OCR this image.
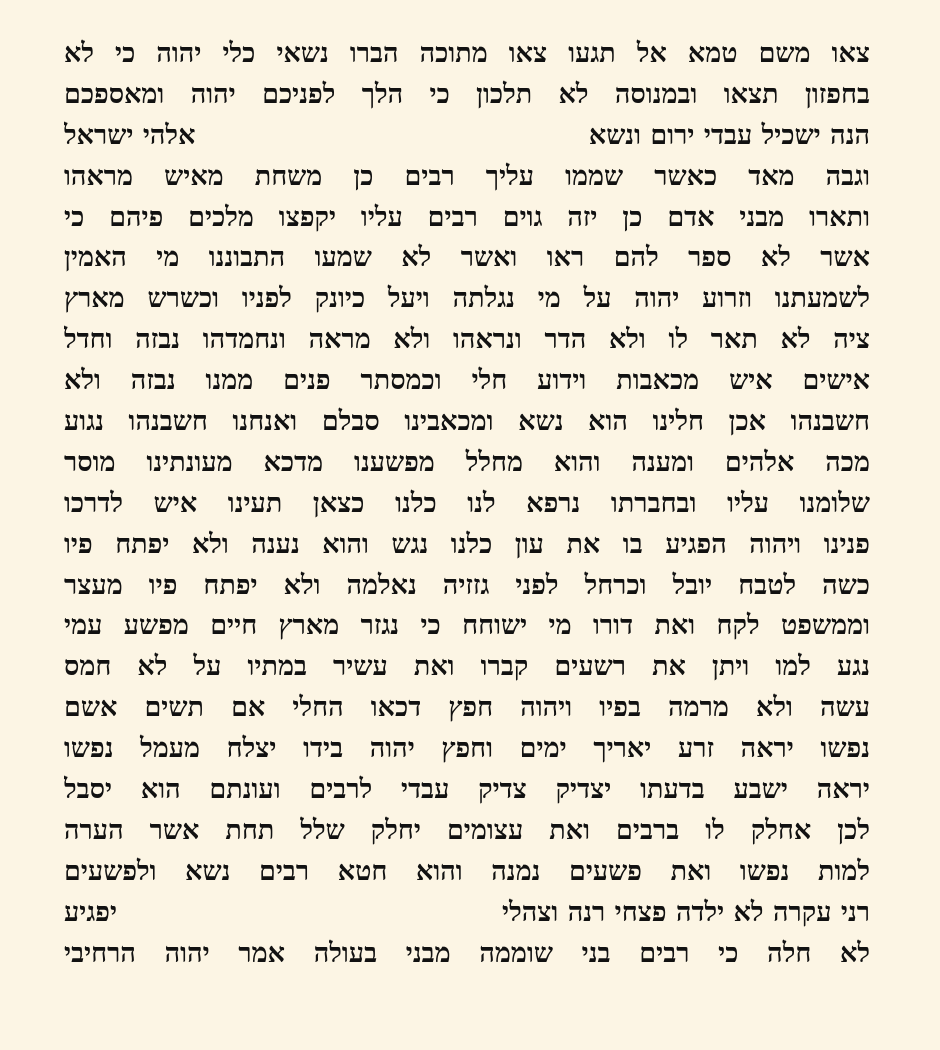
צאו משם טמא אל תגעו צאו מתוכה הברו נשאי כלי יהוה כי לא
בחפזון תצאו ובמנוסה לא תלכון כי הלך לפניכם יהוה ומאספכם
הנה ישכיל עבדי ירום ונשא
אלהי ישראל
וגבה מאד כאשר שממו עליך רבים כן משחת מאיש מראהו
ותארו מבני אדם כן יזה גוים רבים עליו יקפצו מלכים פיהם כי
אשר לא ספר להם ראו ואשר לא שמעו התבוננו מי האמין
לשמעתנו וזרוע יהוה על מי נגלתה ויעל כיונק לפניו וכשרש מארץ
ציה לא תאר לו ולא הדר ונראהו ולא מראה ונחמדהו נבזה וחדל
אישים איש מכאבות וידוע חלי וכמסתר פנים ממנו נבזה ולא
חשבנהו אכן חלינו הוא נשא ומכאבינו סבלם ואנחנו חשבנהו נגוע
מכה אלהים ומענה והוא מחלל מפשענו מדכא מעונתינו מוסר
שלומנו עליו ובחברתו נרפא לנו כלנו כצאן תעינו איש לדרכו
פנינו ויהוה הפגיע בו את עון כלנו נגש והוא נענה ולא יפתח פיו
כשה לטבח יובל וכרחל לפני גזזיה נאלמה ולא יפתח פיו מעצר
וממשפט לקח ואת דורו מי ישוחח כי נגזר מארץ חיים מפשע עמי
נגע למו ויתן את רשעים קברו ואת עשיר במתיו על לא חמס
עשה ולא מרמה בפיו ויהוה חפץ דכאו החלי אם תשים אשם
נפשו יראה זרע יאריך ימים וחפץ יהוה בידו יצלח מעמל נפשו
יראה ישבע בדעתו יצדיק צדיק עבדי לרבים ועונתם הוא יסבל
לכן אחלק לו ברבים ואת עצומים יחלק שלל תחת אשר הערה
למות נפשו ואת פשעים נמנה והוא חטא רבים נשא ולפשעים
רני עקרה לא ילדה פצחי רנה וצהלי
יפגיע
לא חלה כי רבים בני שוממה מבני בעולה אמר יהוה הרחיבי
